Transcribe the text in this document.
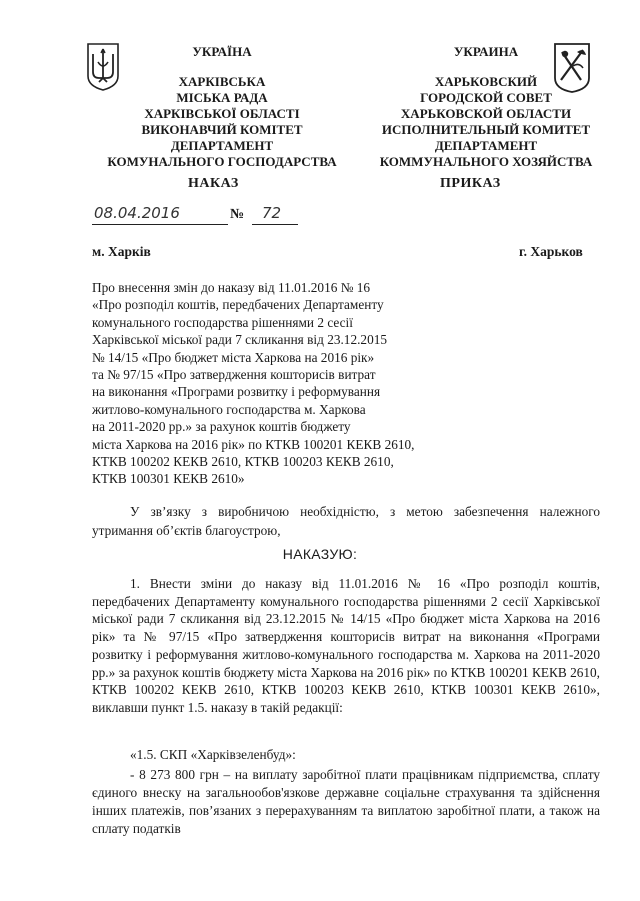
УКРАЇНА
ХАРКІВСЬКА
МІСЬКА РАДА
ХАРКІВСЬКОЇ ОБЛАСТІ
ВИКОНАВЧИЙ КОМІТЕТ
ДЕПАРТАМЕНТ
КОМУНАЛЬНОГО ГОСПОДАРСТВА
УКРАИНА
ХАРЬКОВСКИЙ
ГОРОДСКОЙ СОВЕТ
ХАРЬКОВСКОЙ ОБЛАСТИ
ИСПОЛНИТЕЛЬНЫЙ КОМИТЕТ
ДЕПАРТАМЕНТ
КОММУНАЛЬНОГО ХОЗЯЙСТВА
НАКАЗ	ПРИКАЗ
08.04.2016	№ 72
м. Харків	г. Харьков
Про внесення змін до наказу від 11.01.2016 № 16
«Про розподіл коштів, передбачених Департаменту
комунального господарства рішеннями 2 сесії
Харківської міської ради 7 скликання від 23.12.2015
№ 14/15 «Про бюджет міста Харкова на 2016 рік»
та № 97/15 «Про затвердження кошторисів витрат
на виконання «Програми розвитку і реформування
житлово-комунального господарства м. Харкова
на 2011-2020 рр.» за рахунок коштів бюджету
міста Харкова на 2016 рік» по КТКВ 100201 КЕКВ 2610,
КТКВ 100202 КЕКВ 2610, КТКВ 100203 КЕКВ 2610,
КТКВ 100301 КЕКВ 2610»
У зв’язку з виробничою необхідністю, з метою забезпечення належного утримання об’єктів благоустрою,
НАКАЗУЮ:
1. Внести зміни до наказу від 11.01.2016 № 16 «Про розподіл коштів, передбачених Департаменту комунального господарства рішеннями 2 сесії Харківської міської ради 7 скликання від 23.12.2015 № 14/15 «Про бюджет міста Харкова на 2016 рік» та № 97/15 «Про затвердження кошторисів витрат на виконання «Програми розвитку і реформування житлово-комунального господарства м. Харкова на 2011-2020 рр.» за рахунок коштів бюджету міста Харкова на 2016 рік» по КТКВ 100201 КЕКВ 2610, КТКВ 100202 КЕКВ 2610, КТКВ 100203 КЕКВ 2610, КТКВ 100301 КЕКВ 2610», виклавши пункт 1.5. наказу в такій редакції:
«1.5. СКП «Харківзеленбуд»:
- 8 273 800 грн – на виплату заробітної плати працівникам підприємства, сплату єдиного внеску на загальнообов'язкове державне соціальне страхування та здійснення інших платежів, пов’язаних з перерахуванням та виплатою заробітної плати, а також на сплату податків
